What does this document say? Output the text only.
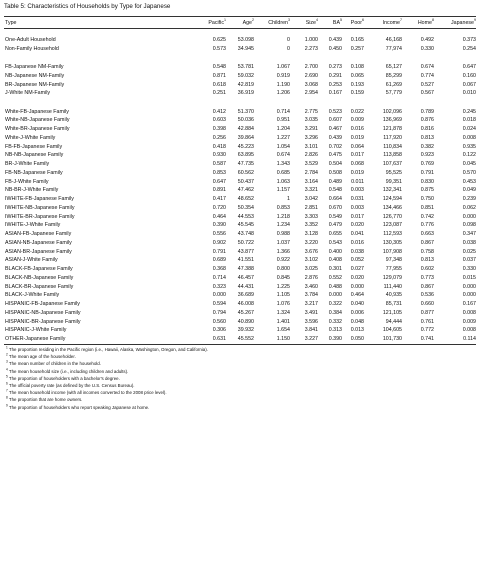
Table 5: Characteristics of Households by Type for Japanese
Type	Pacific$^1$	Age$^2$	Children$^3$	Size$^4$	$BA^5$	Poor$^6$	Income$^7$	Home$^8$	Japanese$^9$

One-Adult Household	0.625	53.098	0	1.000	0.439	0.165	46,168	0.492	0.373
Non-Family Household	0.573	34.945	0	2.273	0.450	0.257	77,974	0.330	0.254

FB-Japanese NM-Family	0.548	53.781	1.067	2.700	0.273	0.108	65,127	0.674	0.647
NB-Japanese NM-Family	0.871	59.032	0.919	2.690	0.291	0.065	85,299	0.774	0.160
BR-Japanese NM-Family	0.618	42.819	1.190	3.068	0.253	0.193	61,269	0.527	0.067
J-White NM-Family	0.251	36.919	1.206	2.954	0.167	0.159	57,779	0.567	0.010

White-FB-Japanese Family	0.412	51.370	0.714	2.775	0.523	0.022	102,096	0.789	0.245
White-NB-Japanese Family	0.603	50.036	0.951	3.035	0.607	0.009	136,969	0.876	0.018
White-BR-Japanese Family	0.398	42.884	1.204	3.291	0.467	0.016	121,878	0.816	0.024
White-J-White Family	0.256	39.864	1.227	3.296	0.439	0.019	117,920	0.813	0.008
FB-FB-Japanese Family	0.418	45.223	1.054	3.101	0.702	0.064	110,834	0.382	0.935
NB-NB-Japanese Family	0.930	63.895	0.674	2.826	0.475	0.017	113,858	0.923	0.122
BR-J-White Family	0.587	47.735	1.343	3.529	0.504	0.068	107,637	0.769	0.045
FB-NB-Japanese Family	0.853	60.562	0.685	2.784	0.508	0.019	95,525	0.791	0.570
FB-J-White Family	0.647	50.437	1.063	3.164	0.489	0.011	99,351	0.830	0.453
NB-BR-J-White Family	0.891	47.462	1.157	3.321	0.548	0.003	132,341	0.875	0.049
IWHITE-FB-Japanese Family	0.417	48.652	1	3.042	0.664	0.031	124,594	0.750	0.239
IWHITE-NB-Japanese Family	0.720	50.354	0.853	2.851	0.670	0.003	134,466	0.851	0.062
IWHITE-BR-Japanese Family	0.464	44.553	1.218	3.303	0.549	0.017	126,770	0.742	0.000
IWHITE-J-White Family	0.390	45.545	1.234	3.352	0.479	0.020	123,087	0.776	0.098
ASIAN-FB-Japanese Family	0.556	43.748	0.988	3.128	0.655	0.041	112,593	0.663	0.347
ASIAN-NB-Japanese Family	0.902	50.722	1.037	3.220	0.543	0.016	130,305	0.867	0.038
ASIAN-BR-Japanese Family	0.791	43.877	1.366	3.676	0.400	0.038	107,908	0.758	0.025
ASIAN-J-White Family	0.689	41.551	0.922	3.102	0.408	0.052	97,348	0.813	0.037
BLACK-FB-Japanese Family	0.368	47.388	0.800	3.025	0.301	0.027	77,955	0.602	0.330
BLACK-NB-Japanese Family	0.714	46.457	0.845	2.876	0.552	0.020	129,079	0.773	0.015
BLACK-BR-Japanese Family	0.323	44.431	1.225	3.460	0.488	0.000	111,440	0.867	0.000
BLACK-J-White Family	0.000	36.689	1.105	3.784	0.000	0.464	40,935	0.536	0.000
HISPANIC-FB-Japanese Family	0.594	46.008	1.076	3.217	0.322	0.040	85,731	0.660	0.167
HISPANIC-NB-Japanese Family	0.794	45.267	1.324	3.491	0.384	0.006	121,105	0.877	0.008
HISPANIC-BR-Japanese Family	0.560	40.890	1.401	3.596	0.332	0.048	94,444	0.761	0.009
HISPANIC-J-White Family	0.306	39.932	1.654	3.841	0.313	0.013	104,605	0.772	0.008
OTHER-Japanese Family	0.631	45.552	1.150	3.227	0.390	0.050	101,730	0.741	0.114
$^1$ The proportion residing in the Pacific region (i.e., Hawaii, Alaska, Washington, Oregon, and California).
$^2$ The mean age of the householder.
$^3$ The mean number of children in the household.
$^4$ The mean household size (i.e., including children and adults).
$^5$ The proportion of householders with a bachelor's degree.
$^6$ The official poverty rate (as defined by the U.S. Census Bureau).
$^7$ The mean household income (with all incomes converted to the 2008 price level).
$^8$ The proportion that are home owners.
$^9$ The proportion of householders who report speaking Japanese at home.
